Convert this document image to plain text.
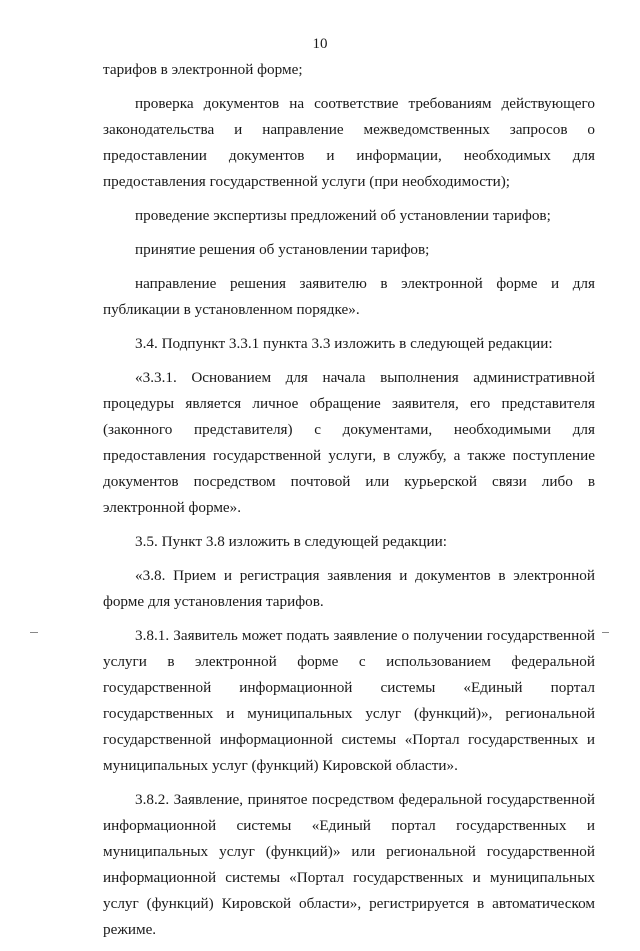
10

тарифов в электронной форме;

проверка документов на соответствие требованиям действующего законодательства и направление межведомственных запросов о предоставлении документов и информации, необходимых для предоставления государственной услуги (при необходимости);

проведение экспертизы предложений об установлении тарифов;

принятие решения об установлении тарифов;

направление решения заявителю в электронной форме и для публикации в установленном порядке».

3.4. Подпункт 3.3.1 пункта 3.3 изложить в следующей редакции:

«3.3.1. Основанием для начала выполнения административной процедуры является личное обращение заявителя, его представителя (законного представителя) с документами, необходимыми для предоставления государственной услуги, в службу, а также поступление документов посредством почтовой или курьерской связи либо в электронной форме».

3.5. Пункт 3.8 изложить в следующей редакции:

«3.8. Прием и регистрация заявления и документов в электронной форме для установления тарифов.

3.8.1. Заявитель может подать заявление о получении государственной услуги в электронной форме с использованием федеральной государственной информационной системы «Единый портал государственных и муниципальных услуг (функций)», региональной государственной информационной системы «Портал государственных и муниципальных услуг (функций) Кировской области».

3.8.2. Заявление, принятое посредством федеральной государственной информационной системы «Единый портал государственных и муниципальных услуг (функций)» или региональной государственной информационной системы «Портал государственных и муниципальных услуг (функций) Кировской области», регистрируется в автоматическом режиме.
